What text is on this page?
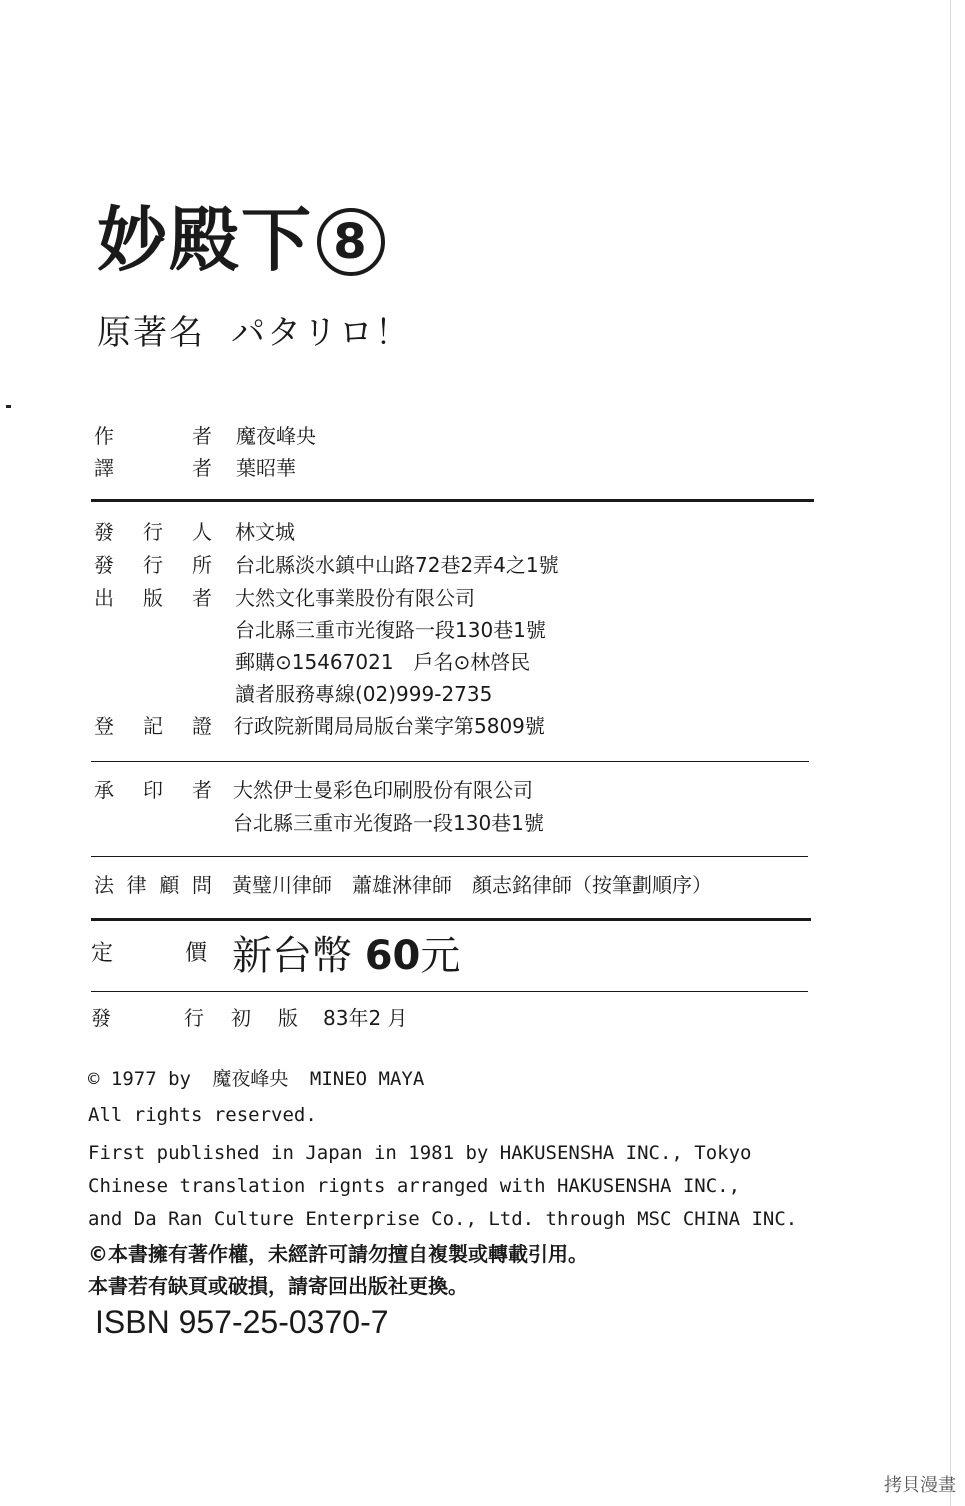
妙殿下 8
原著名 パタリロ！
作	者 魔夜峰央
譯	者 葉昭華
發 行 人 林文城
發 行 所 台北縣淡水鎮中山路72巷2弄4之1號
出 版 者 大然文化事業股份有限公司
台北縣三重市光復路一段130巷1號
郵購⊙15467021　戶名⊙林啓民
讀者服務專線(02)999-2735
登 記 證 行政院新聞局局版台業字第5809號
承 印 者 大然伊士曼彩色印刷股份有限公司
台北縣三重市光復路一段130巷1號
法 律 顧 問 黃璧川律師　蕭雄淋律師　顏志銘律師（按筆劃順序）
定	價 新台幣 60元
發	行 初 版 83年2 月
© 1977 by 魔夜峰央 MINEO MAYA
All rights reserved.
First published in Japan in 1981 by HAKUSENSHA INC., Tokyo
Chinese translation rignts arranged with HAKUSENSHA INC.,
and Da Ran Culture Enterprise Co., Ltd. through MSC CHINA INC.
©本書擁有著作權，未經許可請勿擅自複製或轉載引用。
本書若有缺頁或破損，請寄回出版社更換。
ISBN 957-25-0370-7
拷貝漫畫
